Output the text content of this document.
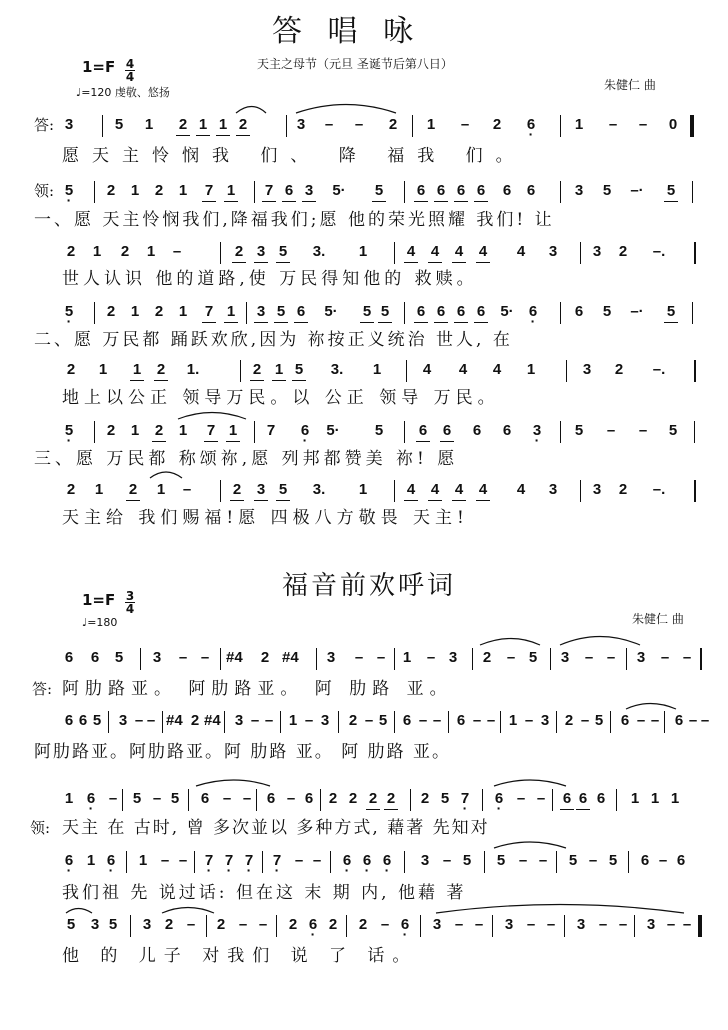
答 唱 咏
天主之母节（元旦 圣诞节后第八日）
1=F 4
4
♩=120 虔敬、悠扬
朱健仁 曲
答: 3	5 1 2 1 1 2	3 – – 2 1 – 2 · 6	1 – – 0
愿天主怜悯我 们、 降 福我 们。
领: · 5 2 1 2 1 7 1 7 6 3 5· 5 6 6 6 6 6 6	3 5 –· 5
一、愿 天主怜悯我们,降福我们;愿 他的荣光照耀 我们! 让
2 1 2 1 –	2 3 5 3. 1	4 4 4 4 4 3 3 2 –.
世人认识 他的道路,使 万民得知他的 救赎。
· 5 2 1 2 1 7 1 3 5 6 5· 5 5 6 6 6 6 5· · 6	6 5 –· 5
二、愿 万民都 踊跃欢欣,因为 祢按正义统治 世人, 在
2 1 1 2 1.	2 1 5 3. 1	4 4 4 1	3 2 –.
地上以公正 领导万民。以 公正 领导 万民。
· 5 2 1 2 1 7 1 7 · 6 5· 5 6 6 6 6 · 3 5 – – 5
三、愿 万民都 称颂祢,愿 列邦都赞美 祢! 愿
2 1 2 1 –	2 3 5 3. 1	4 4 4 4 4 3 3 2 –.
天主给 我们赐福!愿 四极八方敬畏 天主!
福音前欢呼词
1=F 3
4
♩=180	朱健仁 曲
6 6 5 3 – – #4 2 #4 3 – – 1 – 3 2 – 5 3 – – 3 – –
答: 阿肋路亚。 阿肋路亚。 阿 肋路 亚。
6 6 5 3 – – #4 2 #4 3 – – 1 – 3 2 – 5 6 – – 6 – – 1 – 3 2 – 5 6 – – 6 – –
阿肋路亚。阿肋路亚。阿 肋路 亚。 阿 肋路 亚。
1 · 6 – 5 – 5 6 – – 6 – 6 2 2 2 2 2 5 · 7 · 6 – – 6 6 6 1 1 1
领: 天主 在 古时, 曾 多次並以 多种方式, 藉著 先知对
· 6 1 · 6 1 – – · 7 · 7 · 7 · 7 – – · 6 · 6 · 6 3 – 5 5 – – 5 – 5 6 – 6
我们祖 先 说过话: 但在这 末 期 内, 他藉 著
5 3 5 3 2 – 2 – – 2 · 6 2 2 – · 6 3 – – 3 – – 3 – – 3 – –
他 的 儿子 对我们 说 了 话。
